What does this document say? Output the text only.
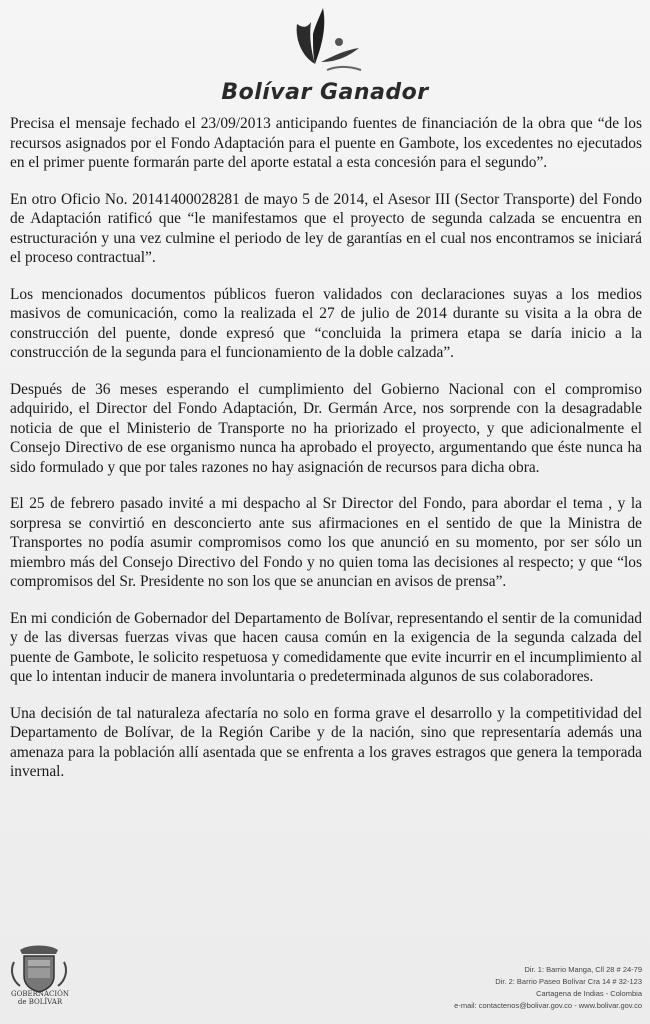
Bolívar Ganador

Precisa el mensaje fechado el 23/09/2013 anticipando fuentes de financiación de la obra que “de los recursos asignados por el Fondo Adaptación para el puente en Gambote, los excedentes no ejecutados en el primer puente formarán parte del aporte estatal a esta concesión para el segundo”.

En otro Oficio No. 20141400028281 de mayo 5 de 2014, el Asesor III (Sector Transporte) del Fondo de Adaptación ratificó que “le manifestamos que el proyecto de segunda calzada se encuentra en estructuración y una vez culmine el periodo de ley de garantías en el cual nos encontramos se iniciará el proceso contractual”.

Los mencionados documentos públicos fueron validados con declaraciones suyas a los medios masivos de comunicación, como la realizada el 27 de julio de 2014 durante su visita a la obra de construcción del puente, donde expresó que “concluida la primera etapa se daría inicio a la construcción de la segunda para el funcionamiento de la doble calzada”.

Después de 36 meses esperando el cumplimiento del Gobierno Nacional con el compromiso adquirido, el Director del Fondo Adaptación, Dr. Germán Arce, nos sorprende con la desagradable noticia de que el Ministerio de Transporte no ha priorizado el proyecto, y que adicionalmente el Consejo Directivo de ese organismo nunca ha aprobado el proyecto, argumentando que éste nunca ha sido formulado y que por tales razones no hay asignación de recursos para dicha obra.

El 25 de febrero pasado invité a mi despacho al Sr Director del Fondo, para abordar el tema , y la sorpresa se convirtió en desconcierto ante sus afirmaciones en el sentido de que la Ministra de Transportes no podía asumir compromisos como los que anunció en su momento, por ser sólo un miembro más del Consejo Directivo del Fondo y no quien toma las decisiones al respecto; y que “los compromisos del Sr. Presidente no son los que se anuncian en avisos de prensa”.

En mi condición de Gobernador del Departamento de Bolívar, representando el sentir de la comunidad y de las diversas fuerzas vivas que hacen causa común en la exigencia de la segunda calzada del puente de Gambote, le solicito respetuosa y comedidamente que evite incurrir en el incumplimiento al que lo intentan inducir de manera involuntaria o predeterminada algunos de sus colaboradores.

Una decisión de tal naturaleza afectaría no solo en forma grave el desarrollo y la competitividad del Departamento de Bolívar, de la Región Caribe y de la nación, sino que representaría además una amenaza para la población allí asentada que se enfrenta a los graves estragos que genera la temporada invernal.

GOBERNACIÓN
de BOLÍVAR
Dir. 1: Barrio Manga, Cll 28 # 24-79
Dir. 2: Barrio Paseo Bolívar Cra 14 # 32-123
Cartagena de Indias - Colombia
e-mail: contactenos@bolivar.gov.co - www.bolivar.gov.co
